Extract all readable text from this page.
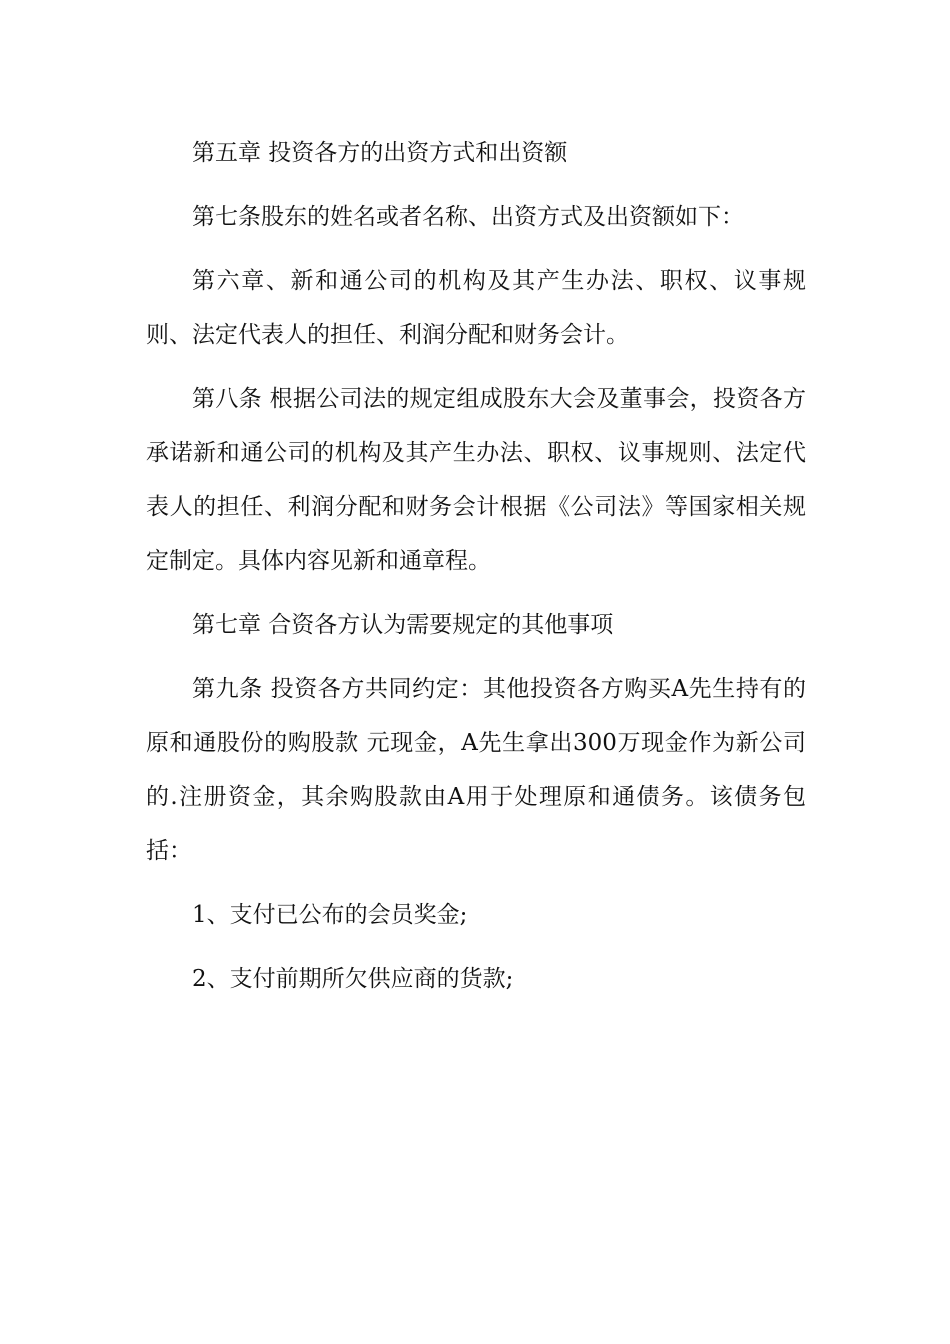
第五章 投资各方的出资方式和出资额

第七条股东的姓名或者名称、出资方式及出资额如下：

第六章、新和通公司的机构及其产生办法、职权、议事规则、法定代表人的担任、利润分配和财务会计。

第八条 根据公司法的规定组成股东大会及董事会，投资各方承诺新和通公司的机构及其产生办法、职权、议事规则、法定代表人的担任、利润分配和财务会计根据《公司法》等国家相关规定制定。具体内容见新和通章程。

第七章 合资各方认为需要规定的其他事项

第九条 投资各方共同约定：其他投资各方购买A先生持有的原和通股份的购股款 元现金，A先生拿出300万现金作为新公司的.注册资金，其余购股款由A用于处理原和通债务。该债务包括：

1、支付已公布的会员奖金;

2、支付前期所欠供应商的货款;
